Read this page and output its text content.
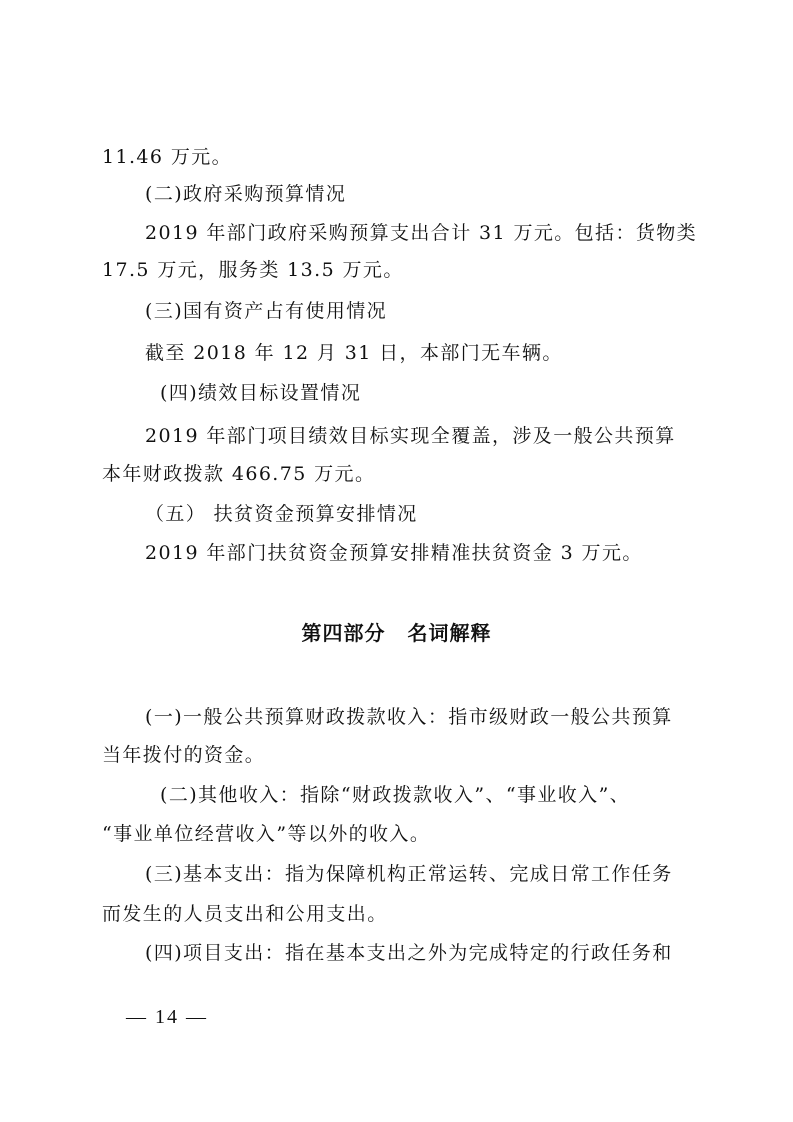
11.46 万元。
(二)政府采购预算情况
2019 年部门政府采购预算支出合计 31 万元。包括：货物类
17.5 万元，服务类 13.5 万元。
(三)国有资产占有使用情况
截至 2018 年 12 月 31 日，本部门无车辆。
(四)绩效目标设置情况
2019 年部门项目绩效目标实现全覆盖，涉及一般公共预算
本年财政拨款 466.75 万元。
（五） 扶贫资金预算安排情况
2019 年部门扶贫资金预算安排精准扶贫资金 3 万元。
第四部分 名词解释
(一)一般公共预算财政拨款收入：指市级财政一般公共预算
当年拨付的资金。
(二)其他收入：指除“财政拨款收入”、“事业收入”、
“事业单位经营收入”等以外的收入。
(三)基本支出：指为保障机构正常运转、完成日常工作任务
而发生的人员支出和公用支出。
(四)项目支出：指在基本支出之外为完成特定的行政任务和
— 14 —
